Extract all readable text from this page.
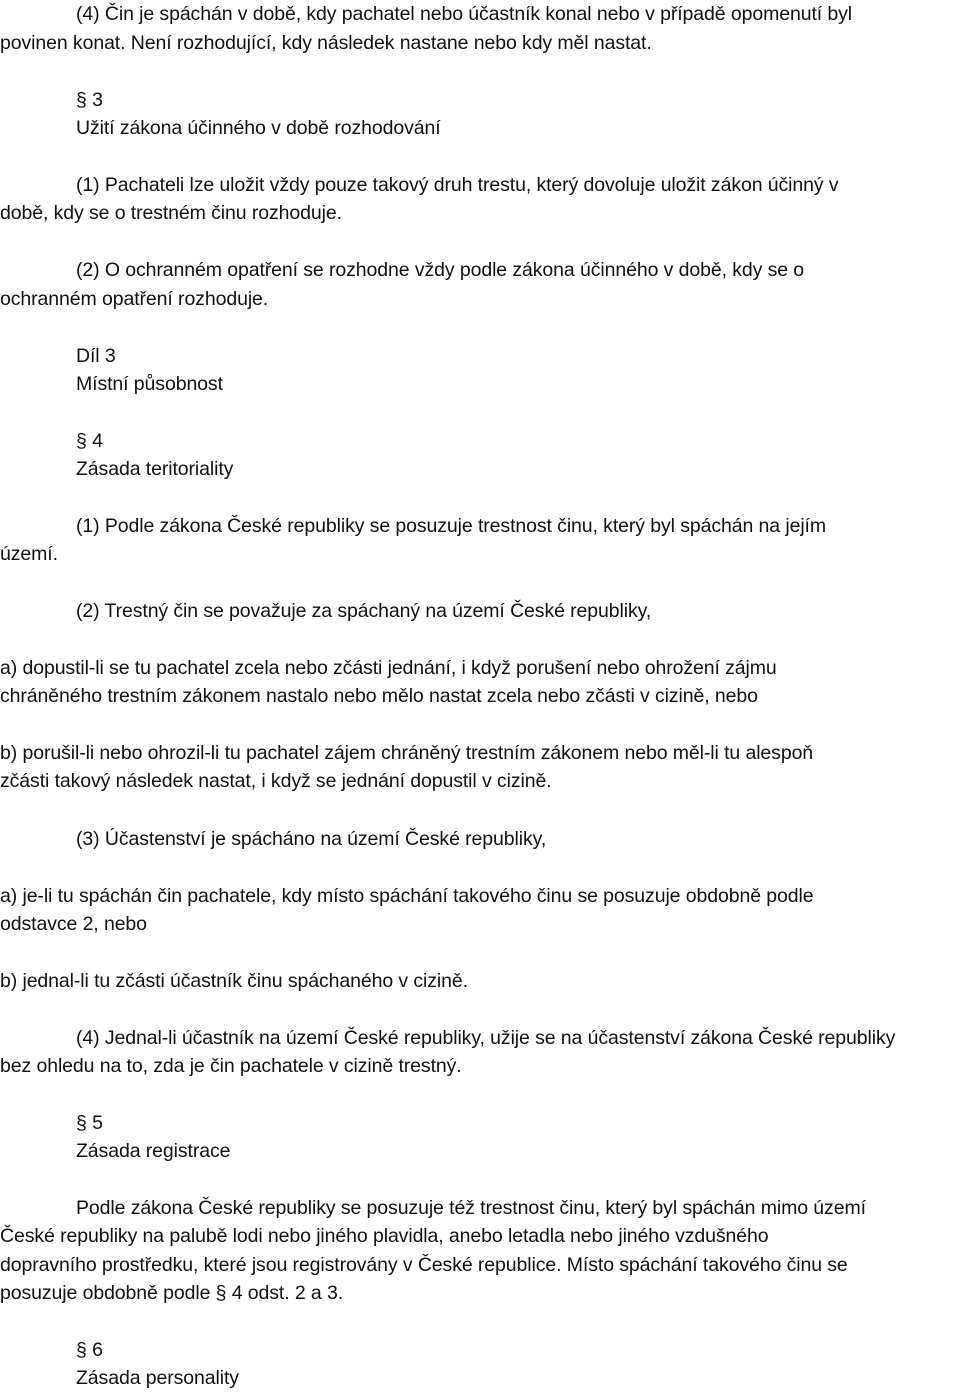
(4) Čin je spáchán v době, kdy pachatel nebo účastník konal nebo v případě opomenutí byl
povinen konat. Není rozhodující, kdy následek nastane nebo kdy měl nastat.
§ 3
Užití zákona účinného v době rozhodování
(1) Pachateli lze uložit vždy pouze takový druh trestu, který dovoluje uložit zákon účinný v
době, kdy se o trestném činu rozhoduje.
(2) O ochranném opatření se rozhodne vždy podle zákona účinného v době, kdy se o
ochranném opatření rozhoduje.
Díl 3
Místní působnost
§ 4
Zásada teritoriality
(1) Podle zákona České republiky se posuzuje trestnost činu, který byl spáchán na jejím
území.
(2) Trestný čin se považuje za spáchaný na území České republiky,
a) dopustil-li se tu pachatel zcela nebo zčásti jednání, i když porušení nebo ohrožení zájmu
chráněného trestním zákonem nastalo nebo mělo nastat zcela nebo zčásti v cizině, nebo
b) porušil-li nebo ohrozil-li tu pachatel zájem chráněný trestním zákonem nebo měl-li tu alespoň
zčásti takový následek nastat, i když se jednání dopustil v cizině.
(3) Účastenství je spácháno na území České republiky,
a) je-li tu spáchán čin pachatele, kdy místo spáchání takového činu se posuzuje obdobně podle
odstavce 2, nebo
b) jednal-li tu zčásti účastník činu spáchaného v cizině.
(4) Jednal-li účastník na území České republiky, užije se na účastenství zákona České republiky
bez ohledu na to, zda je čin pachatele v cizině trestný.
§ 5
Zásada registrace
Podle zákona České republiky se posuzuje též trestnost činu, který byl spáchán mimo území
České republiky na palubě lodi nebo jiného plavidla, anebo letadla nebo jiného vzdušného
dopravního prostředku, které jsou registrovány v České republice. Místo spáchání takového činu se
posuzuje obdobně podle § 4 odst. 2 a 3.
§ 6
Zásada personality
